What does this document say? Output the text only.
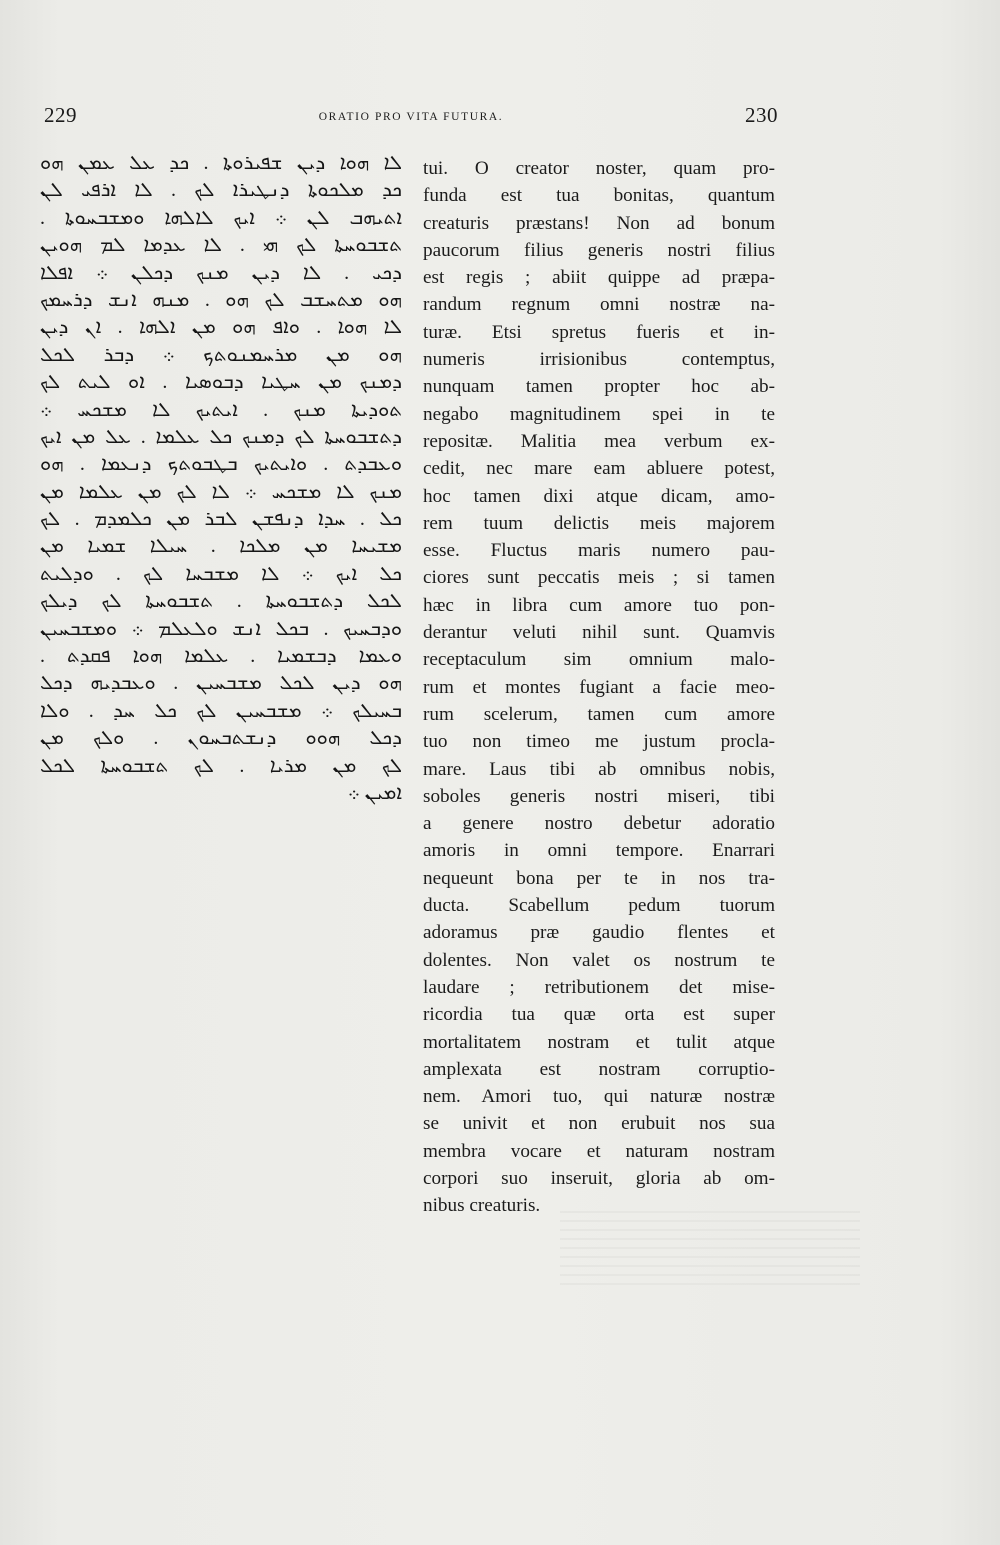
229	ORATIO PRO VITA FUTURA.	230
ܠܐ ܗܘܐ ܕܝܢ ܫܦܝܪܘܬܐ . ܟܕ ܥܠ ܥܡܢ ܗܘ
ܟܕ ܡܠܟܘܬܐ ܕܢܛܝܪܐ ܠܟ . ܠܐ ܐܪܦܝ ܠܢ
ܐܬܝܗܒ ܠܢ ܀ ܐܝܟ ܠܐܠܗܐ ܘܡܫܒܚܘܬܐ .
ܬܫܒܘܚܬܐ ܠܟ ܗܝ . ܠܐ ܥܕܡܐ ܠܡ ܗܘܝܢ
ܕܟܝ . ܠܐ ܕܝܢ ܡܢܟ ܕܟܠܢ ܀ ܐܦܠܐ
ܗܘ ܡܬܚܫܒ ܠܟ ܗܘ . ܡܢܗ ܐܢܫ ܕܪܚܡܟ
ܠܐ ܗܘܐ . ܘܐܦ ܗܘ ܡܢ ܐܠܗܐ . ܐܢ ܕܝܢ
ܗܘ ܡܢ ܡܪܚܡܢܘܬܟ ܀ ܕܒܪ ܠܟܠ
ܕܡܢܟ ܡܢ ܚܛܝܐ ܕܒܘܣܝܐ . ܐܘ ܠܝܬ ܠܟ
ܬܘܕܝܬܐ ܡܢܟ . ܐܝܬܝܟ ܠܐ ܡܫܟܚ ܀
ܕܬܫܒܘܚܬܐ ܠܟ ܕܡܢܟ ܟܠ ܥܠܡܐ . ܥܠ ܡܢ ܐܝܟ
ܘܥܒܕܬ . ܘܐܝܬܝܟ ܒܛܒܘܬܟ ܕܢܥܡܐ . ܗܘ
ܡܢܟ ܠܐ ܡܫܟܚ ܀ ܠܐ ܠܟ ܡܢ ܥܠܡܐ ܡܢ
ܟܠ . ܚܕܐ ܕܢܦܫܢ ܠܒܪ ܡܢ ܟܠܡܕܡ . ܠܟ
ܡܫܝܚܐ ܡܢ ܡܠܟܐ . ܚܝܠܐ ܫܡܝܐ ܡܢ
ܟܠ ܐܝܟ ܀ ܠܐ ܡܫܒܚܐ ܠܟ . ܘܕܠܝܬ
ܠܟܠ ܕܬܫܒܘܚܬܐ . ܬܫܒܘܚܬܐ ܠܟ ܕܝܠܟ
ܘܕܒܚܝܟ . ܒܟܠ ܐܢܫ ܘܠܥܠܡ ܀ ܘܡܫܒܚܝܢ
ܘܥܡܐ ܕܒܫܡܝܐ . ܥܠܡܐ ܗܘܐ ܦܩܕܬ .
ܗܘ ܕܝܢ ܠܟܠ ܡܫܒܚܝܢ . ܘܥܒܕܝܗ ܕܟܠ
ܒܚܝܠܟ ܀ ܡܫܒܚܝܢ ܠܟ ܟܠ ܚܕ . ܘܠܐ
ܕܟܠ ܗܘܘ ܕܢܫܬܒܚܘܢ . ܘܠܟ ܡܢ
ܠܟ ܡܢ ܡܪܝܐ . ܠܟ ܬܫܒܘܚܬܐ ܠܟܠ
ܐܡܝܢ ܀
tui. O creator noster, quam pro-
funda est tua bonitas, quantum
creaturis præstans! Non ad bonum
paucorum filius generis nostri filius
est regis ; abiit quippe ad præpa-
randum regnum omni nostræ na-
turæ. Etsi spretus fueris et in-
numeris irrisionibus contemptus,
nunquam tamen propter hoc ab-
negabo magnitudinem spei in te
repositæ. Malitia mea verbum ex-
cedit, nec mare eam abluere potest,
hoc tamen dixi atque dicam, amo-
rem tuum delictis meis majorem
esse. Fluctus maris numero pau-
ciores sunt peccatis meis ; si tamen
hæc in libra cum amore tuo pon-
derantur veluti nihil sunt. Quamvis
receptaculum sim omnium malo-
rum et montes fugiant a facie meo-
rum scelerum, tamen cum amore
tuo non timeo me justum procla-
mare. Laus tibi ab omnibus nobis,
soboles generis nostri miseri, tibi
a genere nostro debetur adoratio
amoris in omni tempore. Enarrari
nequeunt bona per te in nos tra-
ducta. Scabellum pedum tuorum
adoramus præ gaudio flentes et
dolentes. Non valet os nostrum te
laudare ; retributionem det mise-
ricordia tua quæ orta est super
mortalitatem nostram et tulit atque
amplexata est nostram corruptio-
nem. Amori tuo, qui naturæ nostræ
se univit et non erubuit nos sua
membra vocare et naturam nostram
corpori suo inseruit, gloria ab om-
nibus creaturis.
